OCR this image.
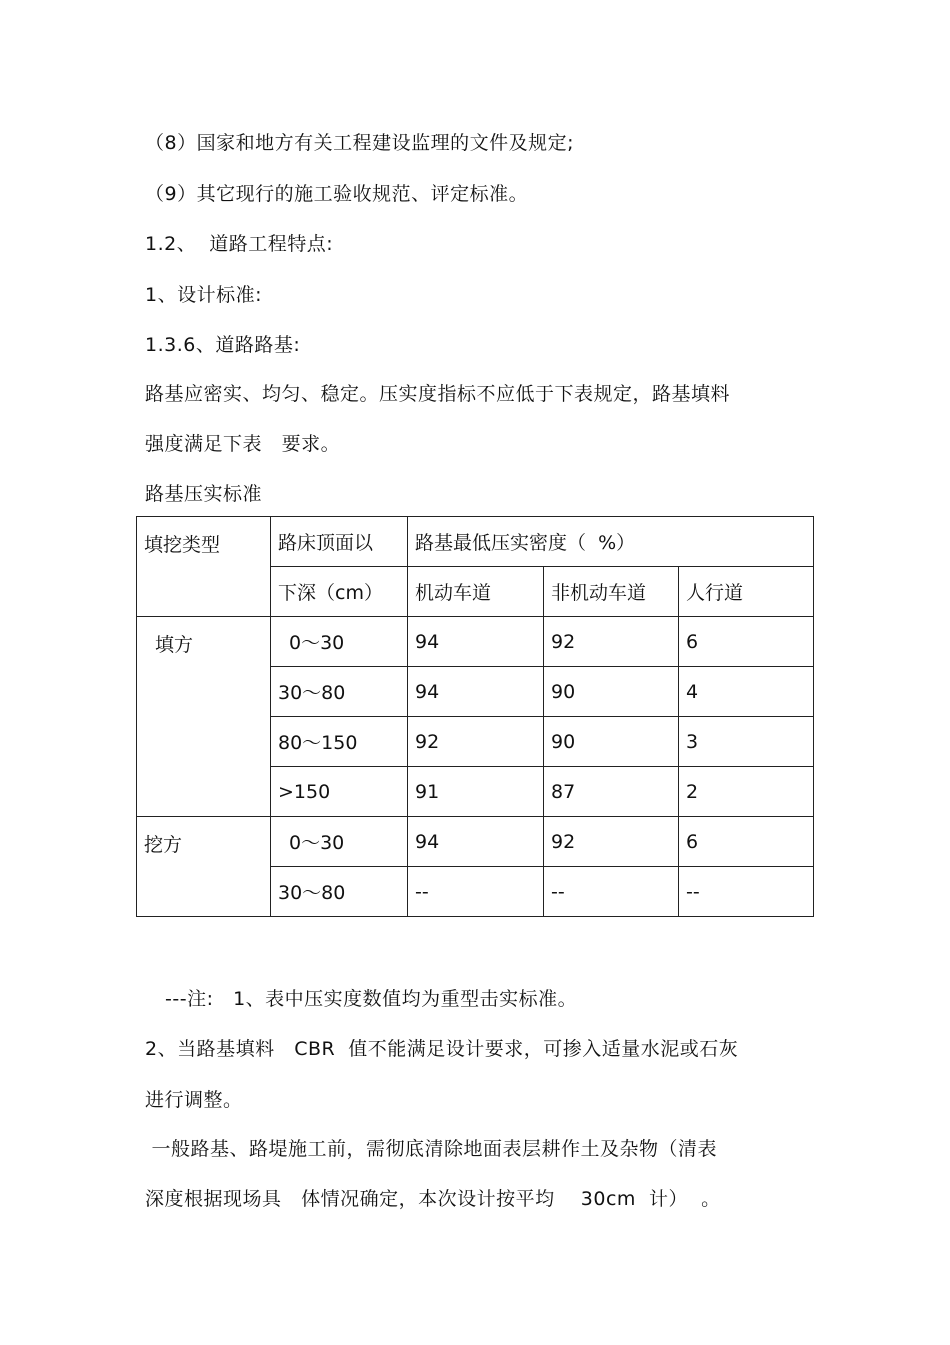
（8）国家和地方有关工程建设监理的文件及规定;
（9）其它现行的施工验收规范、评定标准。
1.2、  道路工程特点:
1、设计标准:
1.3.6、道路路基:
路基应密实、均匀、稳定。压实度指标不应低于下表规定，路基填料
强度满足下表   要求。
路基压实标准
填挖类型	路床顶面以	路基最低压实密度（  %）		
	下深（cm）	机动车道	非机动车道	人行道
填方	0～30	94	92	6
	30～80	94	90	4
	80～150	92	90	3
	>150	91	87	2
挖方	0～30	94	92	6
	30～80	--	--	--
---注:   1、表中压实度数值均为重型击实标准。
2、当路基填料   CBR  值不能满足设计要求，可掺入适量水泥或石灰
进行调整。
一般路基、路堤施工前，需彻底清除地面表层耕作土及杂物（清表
深度根据现场具   体情况确定，本次设计按平均    30cm  计）  。
